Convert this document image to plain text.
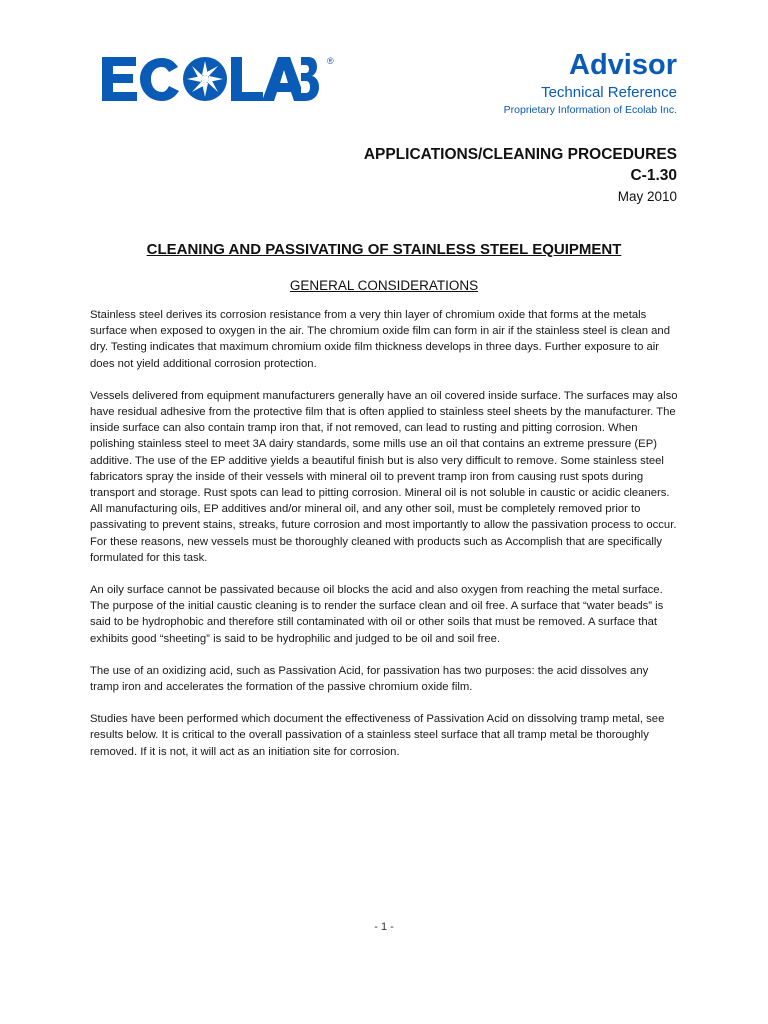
®	Advisor
Technical Reference
Proprietary Information of Ecolab Inc.
APPLICATIONS/CLEANING PROCEDURES
C-1.30
May 2010
CLEANING AND PASSIVATING OF STAINLESS STEEL EQUIPMENT
GENERAL CONSIDERATIONS

Stainless steel derives its corrosion resistance from a very thin layer of chromium oxide that forms at the metals surface when exposed to oxygen in the air. The chromium oxide film can form in air if the stainless steel is clean and dry. Testing indicates that maximum chromium oxide film thickness develops in three days. Further exposure to air does not yield additional corrosion protection.

Vessels delivered from equipment manufacturers generally have an oil covered inside surface. The surfaces may also have residual adhesive from the protective film that is often applied to stainless steel sheets by the manufacturer. The inside surface can also contain tramp iron that, if not removed, can lead to rusting and pitting corrosion. When polishing stainless steel to meet 3A dairy standards, some mills use an oil that contains an extreme pressure (EP) additive. The use of the EP additive yields a beautiful finish but is also very difficult to remove. Some stainless steel fabricators spray the inside of their vessels with mineral oil to prevent tramp iron from causing rust spots during transport and storage. Rust spots can lead to pitting corrosion. Mineral oil is not soluble in caustic or acidic cleaners. All manufacturing oils, EP additives and/or mineral oil, and any other soil, must be completely removed prior to passivating to prevent stains, streaks, future corrosion and most importantly to allow the passivation process to occur. For these reasons, new vessels must be thoroughly cleaned with products such as Accomplish that are specifically formulated for this task.

An oily surface cannot be passivated because oil blocks the acid and also oxygen from reaching the metal surface. The purpose of the initial caustic cleaning is to render the surface clean and oil free. A surface that “water beads” is said to be hydrophobic and therefore still contaminated with oil or other soils that must be removed. A surface that exhibits good “sheeting” is said to be hydrophilic and judged to be oil and soil free.

The use of an oxidizing acid, such as Passivation Acid, for passivation has two purposes: the acid dissolves any tramp iron and accelerates the formation of the passive chromium oxide film.

Studies have been performed which document the effectiveness of Passivation Acid on dissolving tramp metal, see results below. It is critical to the overall passivation of a stainless steel surface that all tramp metal be thoroughly removed. If it is not, it will act as an initiation site for corrosion.

- 1 -
